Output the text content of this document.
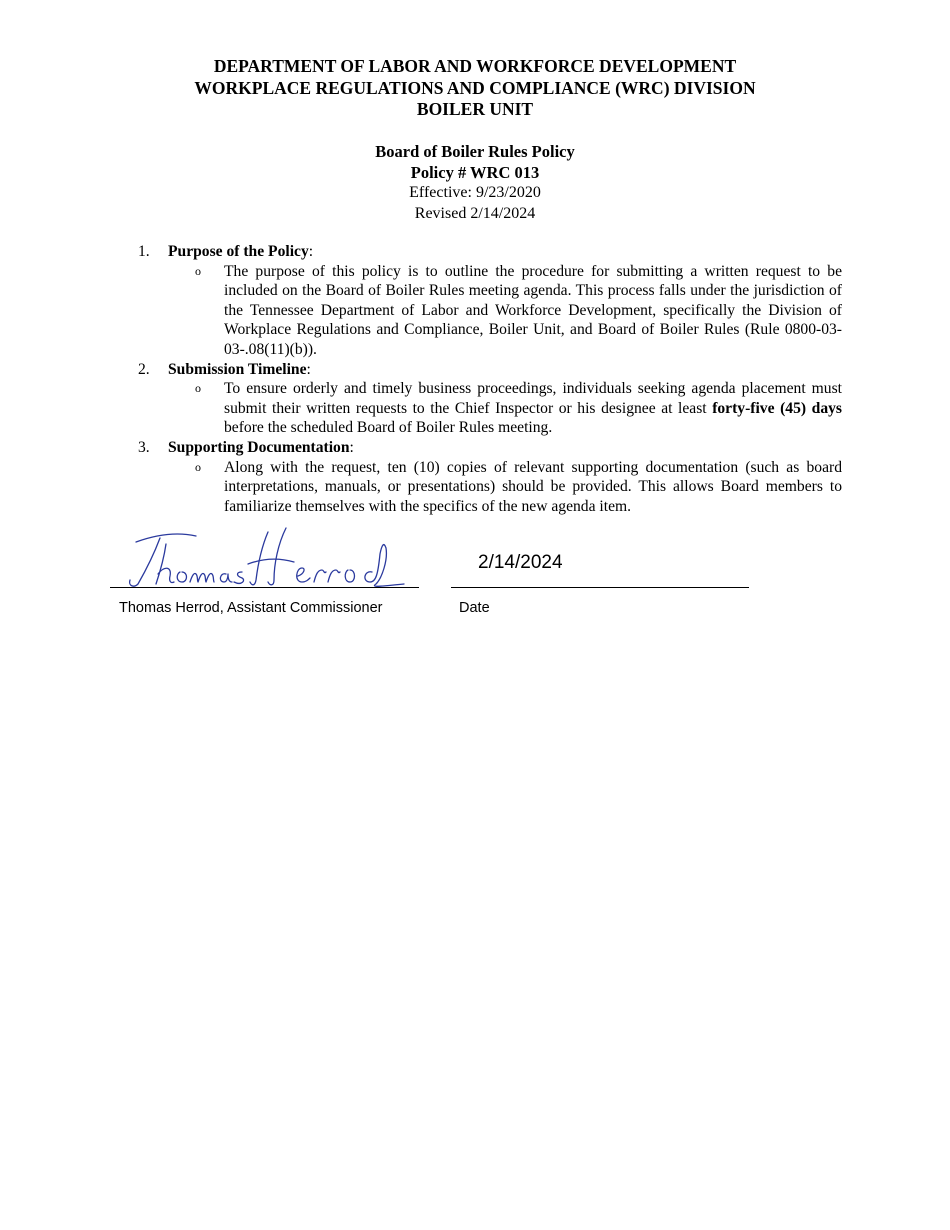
DEPARTMENT OF LABOR AND WORKFORCE DEVELOPMENT
WORKPLACE REGULATIONS AND COMPLIANCE (WRC) DIVISION
BOILER UNIT
Board of Boiler Rules Policy
Policy # WRC 013
Effective: 9/23/2020
Revised 2/14/2024
1.	Purpose of the Policy:
o	The purpose of this policy is to outline the procedure for submitting a written request to be included on the Board of Boiler Rules meeting agenda. This process falls under the jurisdiction of the Tennessee Department of Labor and Workforce Development, specifically the Division of Workplace Regulations and Compliance, Boiler Unit, and Board of Boiler Rules (Rule 0800-03-03-.08(11)(b)).
2.	Submission Timeline:
o	To ensure orderly and timely business proceedings, individuals seeking agenda placement must submit their written requests to the Chief Inspector or his designee at least forty-five (45) days before the scheduled Board of Boiler Rules meeting.
3.	Supporting Documentation:
o	Along with the request, ten (10) copies of relevant supporting documentation (such as board interpretations, manuals, or presentations) should be provided. This allows Board members to familiarize themselves with the specifics of the new agenda item.
2/14/2024
Thomas Herrod, Assistant Commissioner	Date
